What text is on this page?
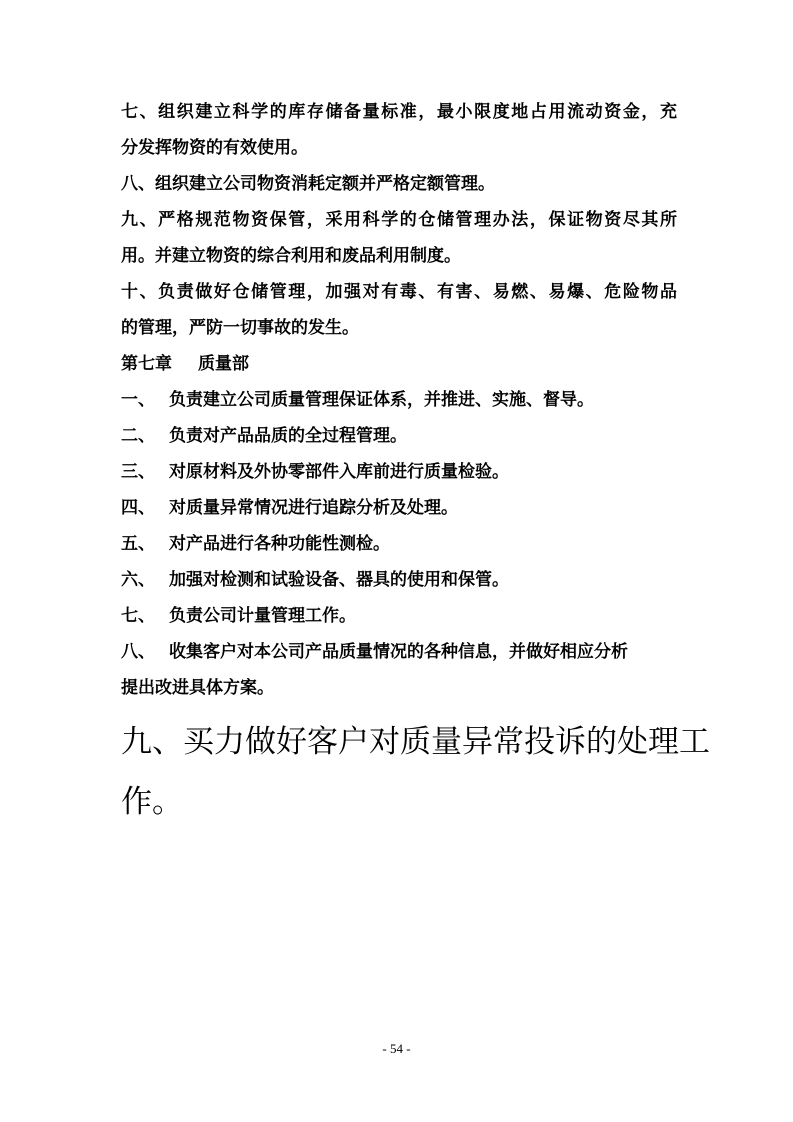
七、组织建立科学的库存储备量标准，最小限度地占用流动资金，充
分发挥物资的有效使用。
八、组织建立公司物资消耗定额并严格定额管理。
九、严格规范物资保管，采用科学的仓储管理办法，保证物资尽其所
用。并建立物资的综合利用和废品利用制度。
十、负责做好仓储管理，加强对有毒、有害、易燃、易爆、危险物品
的管理，严防一切事故的发生。
第七章 质量部
一、 负责建立公司质量管理保证体系，并推进、实施、督导。
二、 负责对产品品质的全过程管理。
三、 对原材料及外协零部件入库前进行质量检验。
四、 对质量异常情况进行追踪分析及处理。
五、 对产品进行各种功能性测检。
六、 加强对检测和试验设备、器具的使用和保管。
七、 负责公司计量管理工作。
八、 收集客户对本公司产品质量情况的各种信息，并做好相应分析
提出改进具体方案。
九、买力做好客户对质量异常投诉的处理工
作。
- 54 -
